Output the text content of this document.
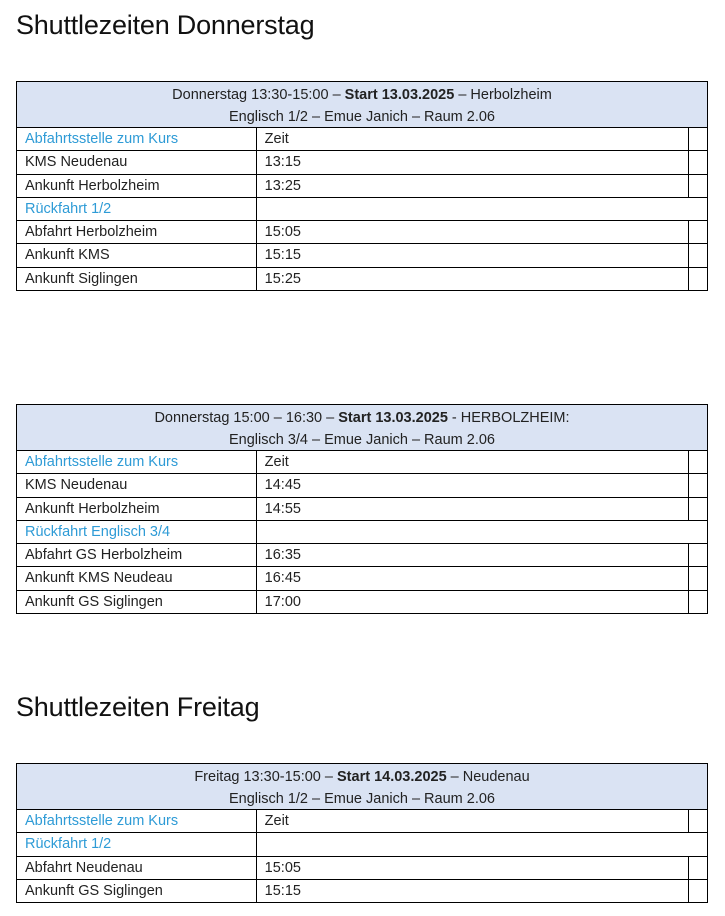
Shuttlezeiten Donnerstag
Donnerstag 13:30-15:00 – Start 13.03.2025 – Herbolzheim
Englisch 1/2 – Emue Janich – Raum 2.06
Abfahrtsstelle zum Kurs	Zeit
KMS Neudenau	13:15
Ankunft Herbolzheim	13:25
Rückfahrt 1/2
Abfahrt Herbolzheim	15:05
Ankunft KMS	15:15
Ankunft Siglingen	15:25
Donnerstag 15:00 – 16:30 – Start 13.03.2025 - HERBOLZHEIM:
Englisch 3/4 – Emue Janich – Raum 2.06
Abfahrtsstelle zum Kurs	Zeit
KMS Neudenau	14:45
Ankunft Herbolzheim	14:55
Rückfahrt Englisch 3/4
Abfahrt GS Herbolzheim	16:35
Ankunft KMS Neudeau	16:45
Ankunft GS Siglingen	17:00
Shuttlezeiten Freitag
Freitag 13:30-15:00 – Start 14.03.2025 – Neudenau
Englisch 1/2 – Emue Janich – Raum 2.06
Abfahrtsstelle zum Kurs	Zeit
Rückfahrt 1/2
Abfahrt Neudenau	15:05
Ankunft GS Siglingen	15:15
